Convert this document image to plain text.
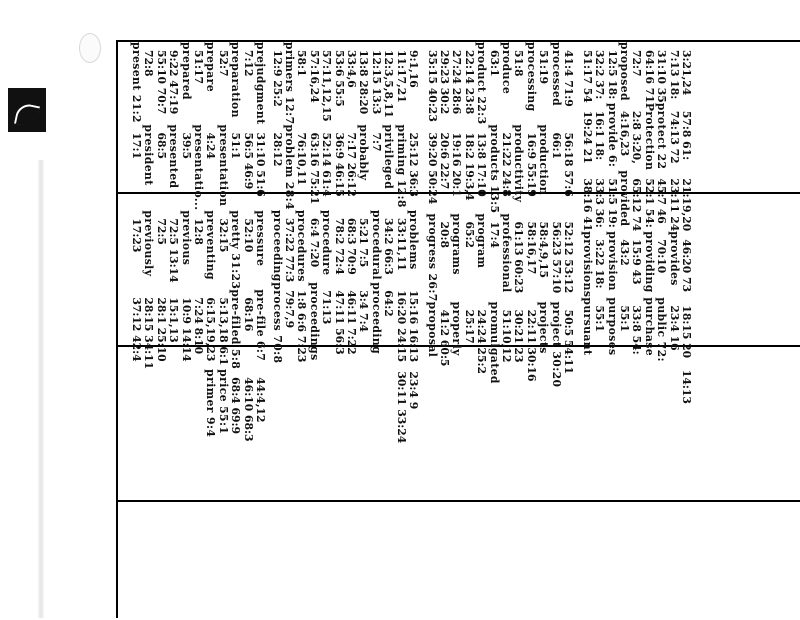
prejudgment
7:12
preparation
52:7
prepare
51:17
prepared
9:22 47:19
55:10 70:7
72:8
present 21:2
31:10 51:6
56:5 46:9
51:1
presentation
4:24
presentatio...
39:5
presented
68:5
president
17:1
pressure
52:10
pretty 31:23
32:15
preventing
12:8
previous
72:5 13:14
72:5
previously
17:23
pre-file 6:7
68:16
pre-filed 5:8
5:13,18 6:1
6:15,19,23
7:24 8:10
10:9 14:14
15:1,13
28:1 25:10
28:15 34:11
37:12 42:4
44:4,12
46:10 68:3
68:4 69:9
price 55:1
primer 9:4
9:1,16
11:17,21
12:3,5,8,11
12:15 13:3
13:8 28:20
33:4,6
53:6 55:5
57:11,12,15
57:16,24
58:1
primers 12:7
12:9 25:2
25:12 36:3
priming 12:8
privileged
7:7
probably
7:17 26:12
36:9 46:15
52:14 61:4
63:16 75:21
76:10,11
problem 28:4
28:12
problems
33:11,11
34:2 66:3
procedural
5:21 7:5
68:3 70:9
78:2 72:4
procedure
6:4 7:20
procedures
37:22 77:3
proceeding
15:16 16:13
16:20 24:15
64:2
proceeding
3:4 7:4
46:11 7:22
47:11 56:3
71:13
proceedings
1:8 6:6 7:23
79:7,9
process 70:8
23:4 9
30:11 33:24
41:4 71:9
processed
51:19
processing
51:8
produce
63:1
product 22:3
22:14 23:8
27:24 28:6
29:23 30:2
35:15 40:23
56:18 57:6
66:1
production
16:9 55:19
productivity
21:22 24:8
products 13:5
13:8 17:10
18:2 19:3,4
19:16 20:1
20:6 22:7
39:20 50:24
52:12 53:12
56:23 57:10
58:4,9,15
58:16,17
61:13 60:23
professional
17:4
program
65:2
programs
20:8
progress 26:7
50:5 54:11
project 30:20
projects
22:11 30:16
30:21 23
51:10,12
promulgated
24:24 25:2
25:17
properly
41:2 60:5
proposal
3:21,24
7:13 18:
31:10 35
64:16 71
72:7
proposed
12:5 18:
32:2 37:
51:17 54
57:8 61:
74:13 72
protect 22
Protection
2:8 3:20,
4:16,23
provide 6:
16:1 18:
19:24 21
21:19,20
23:11 24
45:7 46
52:1 54:
65:12 74
provided
51:5 19:
33:3 36:
38:16 41
46:20 73
provides
70:10
providing
15:9 43
43:2
provision
3:22 18:
provisions
18:15 20
23:4 16
public 72:
purchase
33:8 54:
55:1
purposes
55:1
pursuant
14:13
